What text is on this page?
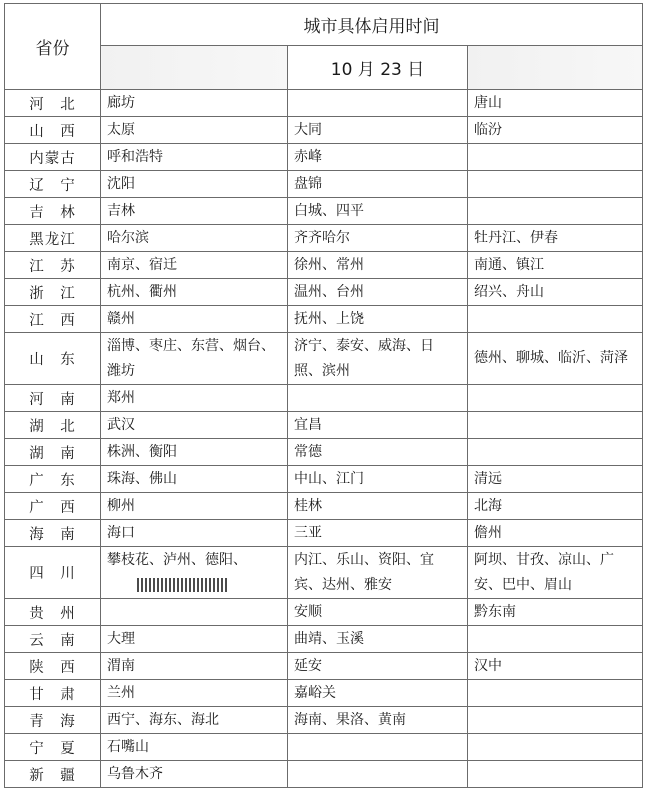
省份	城市具体启用时间		
		10 月 23 日	
河　北	廊坊		唐山
山　西	太原	大同	临汾
内蒙古	呼和浩特	赤峰	
辽　宁	沈阳	盘锦	
吉　林	吉林	白城、四平	
黑龙江	哈尔滨	齐齐哈尔	牡丹江、伊春
江　苏	南京、宿迁	徐州、常州	南通、镇江
浙　江	杭州、衢州	温州、台州	绍兴、舟山
江　西	赣州	抚州、上饶	
山　东	淄博、枣庄、东营、烟台、潍坊	济宁、泰安、威海、日照、滨州	德州、聊城、临沂、菏泽
河　南	郑州		
湖　北	武汉	宜昌	
湖　南	株洲、衡阳	常德	
广　东	珠海、佛山	中山、江门	清远
广　西	柳州	桂林	北海
海　南	海口	三亚	儋州
四　川	攀枝花、泸州、德阳、	内江、乐山、资阳、宜宾、达州、雅安	阿坝、甘孜、凉山、广安、巴中、眉山
贵　州		安顺	黔东南
云　南	大理	曲靖、玉溪	
陕　西	渭南	延安	汉中
甘　肃	兰州	嘉峪关	
青　海	西宁、海东、海北	海南、果洛、黄南	
宁　夏	石嘴山		
新　疆	乌鲁木齐		
